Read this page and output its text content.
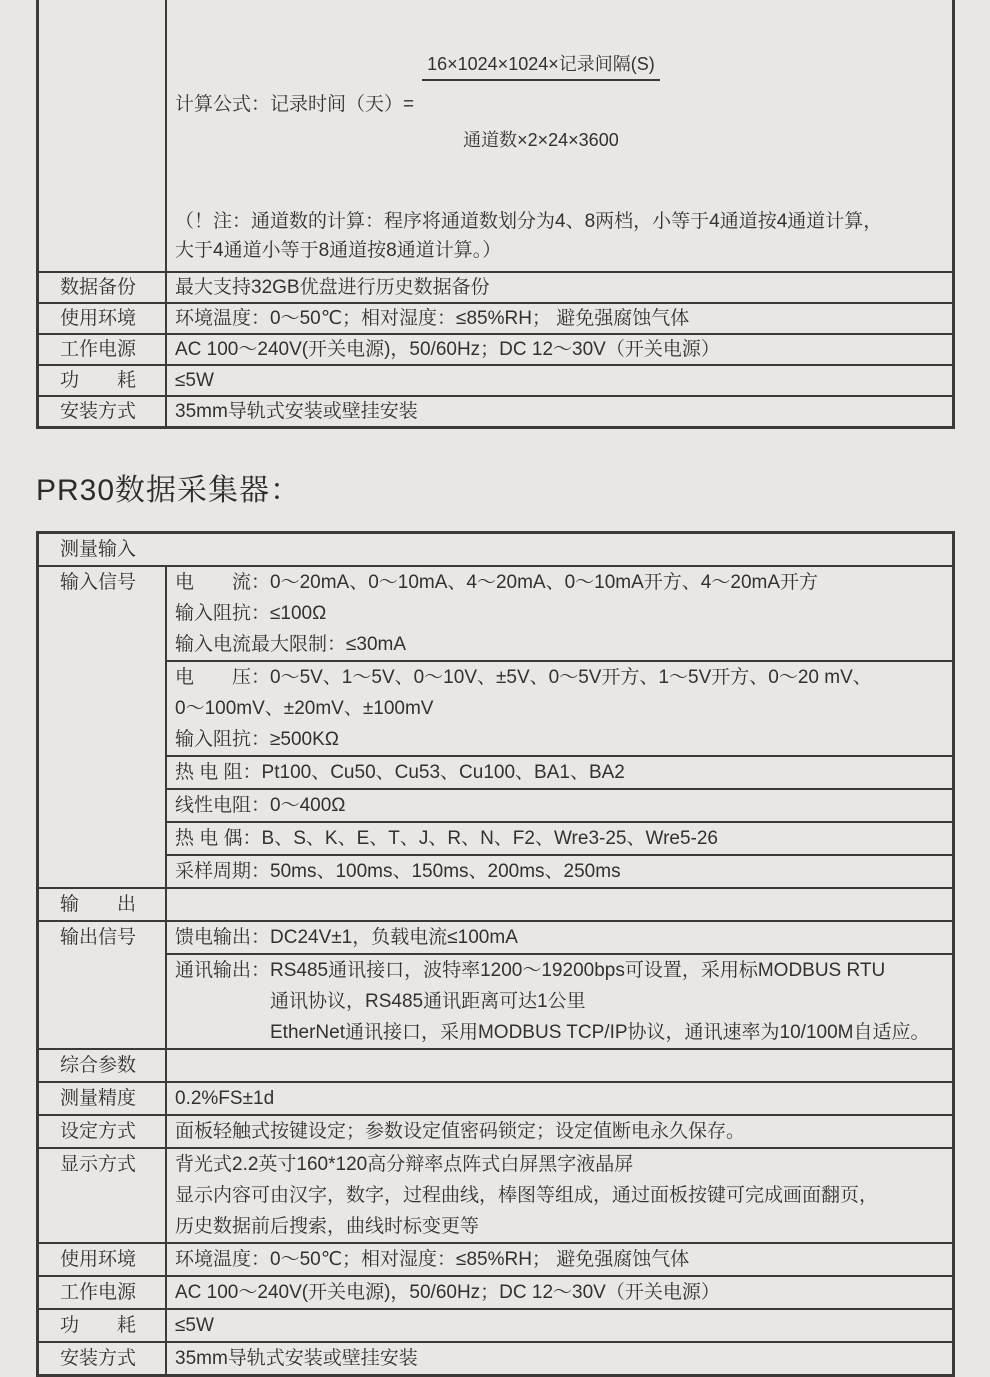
计算公式：记录时间（天）=

$\frac{\text{16×1024×1024×记录间隔(S)}}{\text{通道数×2×24×3600}}$

（！注：通道数的计算：程序将通道数划分为4、8两档，小等于4通道按4通道计算，
大于4通道小等于8通道按8通道计算。）
数据备份	最大支持32GB优盘进行历史数据备份
使用环境	环境温度：0～50℃；相对湿度：≤85%RH； 避免强腐蚀气体
工作电源	AC 100～240V(开关电源)，50/60Hz；DC 12～30V（开关电源）
功　　耗	≤5W
安装方式	35mm导轨式安装或壁挂安装
PR30数据采集器：
测量输入
输入信号	电　　流：0～20mA、0～10mA、4～20mA、0～10mA开方、4～20mA开方
输入阻抗：≤100Ω
输入电流最大限制：≤30mA
电　　压：0～5V、1～5V、0～10V、±5V、0～5V开方、1～5V开方、0～20 mV、
0～100mV、±20mV、±100mV
输入阻抗：≥500KΩ
热 电 阻：Pt100、Cu50、Cu53、Cu100、BA1、BA2
线性电阻：0～400Ω
热 电 偶：B、S、K、E、T、J、R、N、F2、Wre3-25、Wre5-26
采样周期：50ms、100ms、150ms、200ms、250ms
输　　出

输出信号	馈电输出：DC24V±1，负载电流≤100mA
通讯输出：RS485通讯接口，波特率1200～19200bps可设置，采用标MODBUS RTU
　　　　　通讯协议，RS485通讯距离可达1公里
　　　　　EtherNet通讯接口，采用MODBUS TCP/IP协议，通讯速率为10/100M自适应。
综合参数

测量精度	0.2%FS±1d
设定方式	面板轻触式按键设定；参数设定值密码锁定；设定值断电永久保存。
显示方式	背光式2.2英寸160*120高分辩率点阵式白屏黑字液晶屏
显示内容可由汉字，数字，过程曲线，棒图等组成，通过面板按键可完成画面翻页，
历史数据前后搜索，曲线时标变更等
使用环境	环境温度：0～50℃；相对湿度：≤85%RH； 避免强腐蚀气体
工作电源	AC 100～240V(开关电源)，50/60Hz；DC 12～30V（开关电源）
功　　耗	≤5W
安装方式	35mm导轨式安装或壁挂安装
